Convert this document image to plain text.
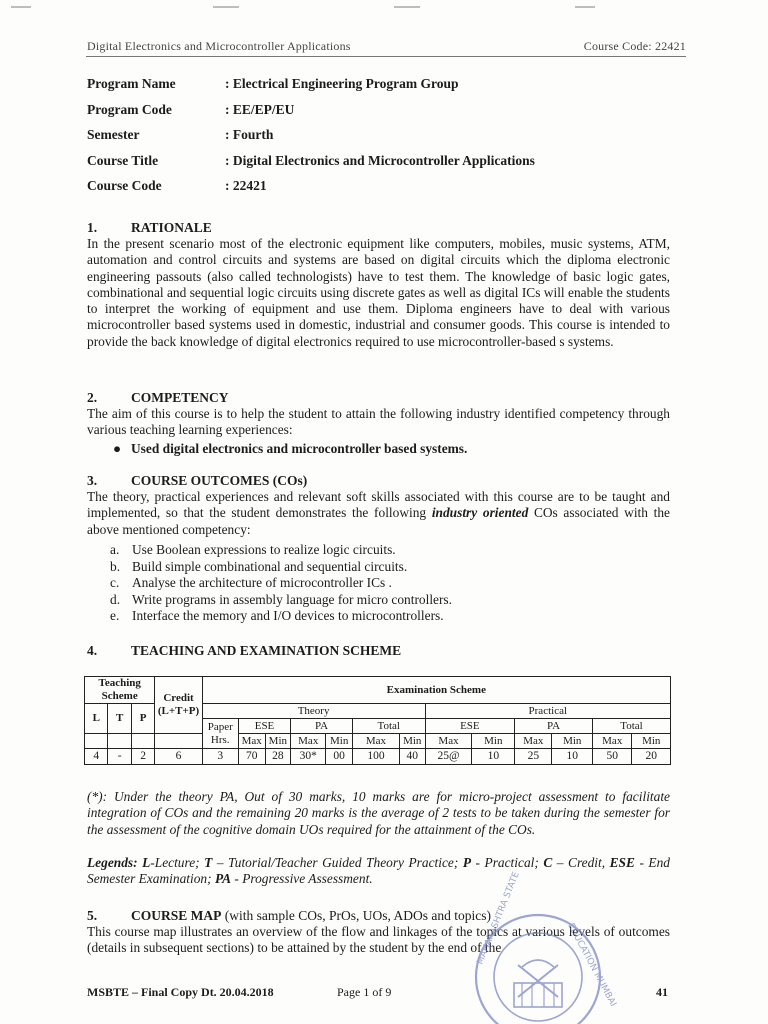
Digital Electronics and Microcontroller Applications	Course Code: 22421
Program Name	: Electrical Engineering Program Group
Program Code	: EE/EP/EU
Semester	: Fourth
Course Title	: Digital Electronics and Microcontroller Applications
Course Code	: 22421
1.	RATIONALE
In the present scenario most of the electronic equipment like computers, mobiles, music systems, ATM, automation and control circuits and systems are based on digital circuits which the diploma electronic engineering passouts (also called technologists) have to test them. The knowledge of basic logic gates, combinational and sequential logic circuits using discrete gates as well as digital ICs will enable the students to interpret the working of equipment and use them. Diploma engineers have to deal with various microcontroller based systems used in domestic, industrial and consumer goods. This course is intended to provide the back knowledge of digital electronics required to use microcontroller-based s systems.
2.	COMPETENCY
The aim of this course is to help the student to attain the following industry identified competency through various teaching learning experiences:
● Used digital electronics and microcontroller based systems.
3.	COURSE OUTCOMES (COs)
The theory, practical experiences and relevant soft skills associated with this course are to be taught and implemented, so that the student demonstrates the following industry oriented COs associated with the above mentioned competency:
a. Use Boolean expressions to realize logic circuits.
b. Build simple combinational and sequential circuits.
c. Analyse the architecture of microcontroller ICs .
d. Write programs in assembly language for micro controllers.
e. Interface the memory and I/O devices to microcontrollers.
4.	TEACHING AND EXAMINATION SCHEME
Teaching Scheme			Credit (L+T+P)	Examination Scheme												
L	T	P		Theory							Practical					
				Paper Hrs.	ESE		PA		Total		ESE		PA		Total	
					Max	Min	Max	Min	Max	Min	Max	Min	Max	Min	Max	Min
4	-	2	6	3	70	28	30*	00	100	40	25@	10	25	10	50	20
(*): Under the theory PA, Out of 30 marks, 10 marks are for micro-project assessment to facilitate integration of COs and the remaining 20 marks is the average of 2 tests to be taken during the semester for the assessment of the cognitive domain UOs required for the attainment of the COs.
Legends: L-Lecture; T – Tutorial/Teacher Guided Theory Practice; P - Practical; C – Credit, ESE - End Semester Examination; PA - Progressive Assessment.
5.	COURSE MAP (with sample COs, PrOs, UOs, ADOs and topics)
This course map illustrates an overview of the flow and linkages of the topics at various levels of outcomes (details in subsequent sections) to be attained by the student by the end of the
MAHARASHTRA STATE	EDUCATION MUMBAI
MSBTE – Final Copy Dt. 20.04.2018	Page 1 of 9	41
